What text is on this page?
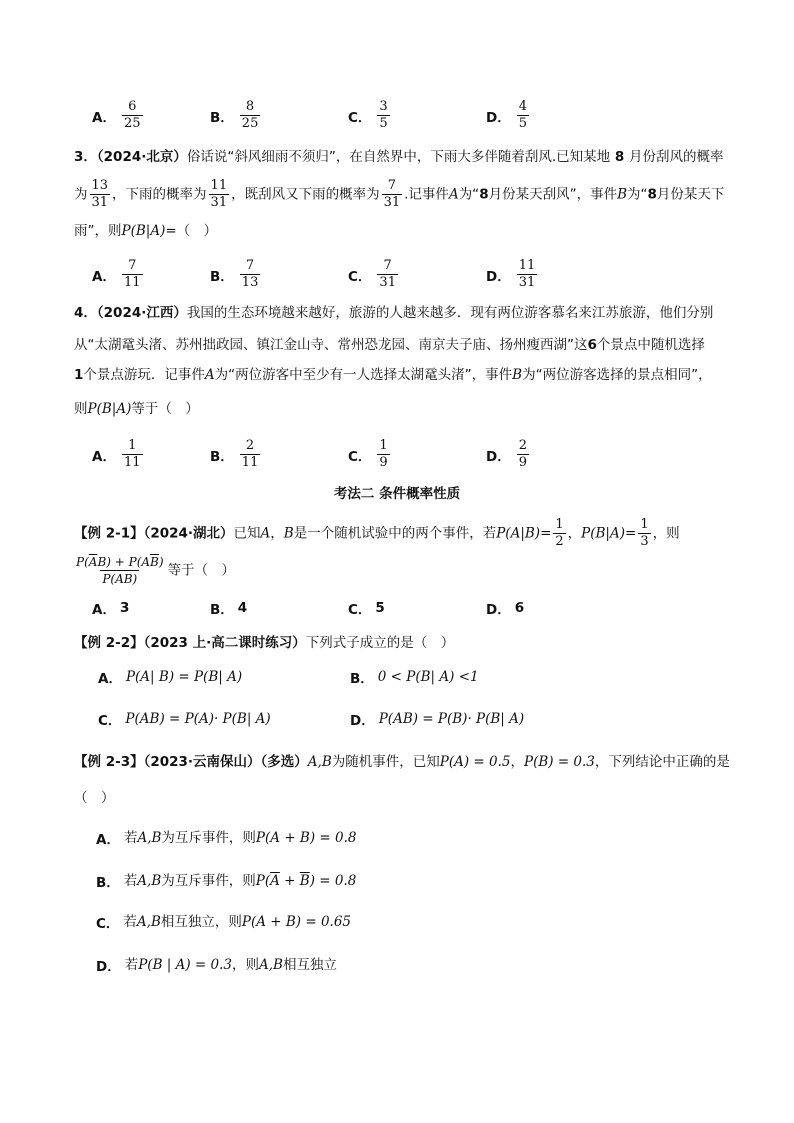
A． $\frac{6}{25}$	B． $\frac{8}{25}$	C． $\frac{3}{5}$	D． $\frac{4}{5}$
3．（2024·北京）俗话说“斜风细雨不须归”，在自然界中，下雨大多伴随着刮风.已知某地 8 月份刮风的概率
为 $\frac{13}{31}$ ，下雨的概率为 $\frac{11}{31}$ ，既刮风又下雨的概率为 $\frac{7}{31}$ .记事件A为“8月份某天刮风”，事件B为“8月份某天下
雨”，则P(B|A)=（　）
A． $\frac{7}{11}$	B． $\frac{7}{13}$	C． $\frac{7}{31}$	D． $\frac{11}{31}$
4．（2024·江西）我国的生态环境越来越好，旅游的人越来越多．现有两位游客慕名来江苏旅游，他们分别
从“太湖鼋头渚、苏州拙政园、镇江金山寺、常州恐龙园、南京夫子庙、扬州瘦西湖”这6个景点中随机选择
1个景点游玩．记事件A为“两位游客中至少有一人选择太湖鼋头渚”，事件B为“两位游客选择的景点相同”，
则P(B|A)等于（　）
A． $\frac{1}{11}$	B． $\frac{2}{11}$	C． $\frac{1}{9}$	D． $\frac{2}{9}$
考法二 条件概率性质
【例 2-1】（2024·湖北）已知A，B是一个随机试验中的两个事件，若$P(A|B)= \frac{1}{2}$ ，$P(B|A)= \frac{1}{3}$ ，则
$\frac{P(\overline{A}B) + P(A\overline{B})}{P(AB)}$ 等于（　）
A． 3	B． 4	C． 5	D． 6
【例 2-2】（2023 上·高二课时练习）下列式子成立的是（　）
A． P(A| B) = P(B| A)	B． 0 < P(B| A) <1
C． P(AB) = P(A)· P(B| A)	D． P(AB) = P(B)· P(B| A)
【例 2-3】（2023·云南保山）（多选）A,B为随机事件，已知P(A) = 0.5，P(B) = 0.3，下列结论中正确的是
（　）
A． 若A,B为互斥事件，则P(A + B) = 0.8
B． 若A,B为互斥事件，则$P(\overline{A} + \overline{B}) = 0.8$
C． 若A,B相互独立，则P(A + B) = 0.65
D． 若P(B | A) = 0.3，则A,B相互独立
